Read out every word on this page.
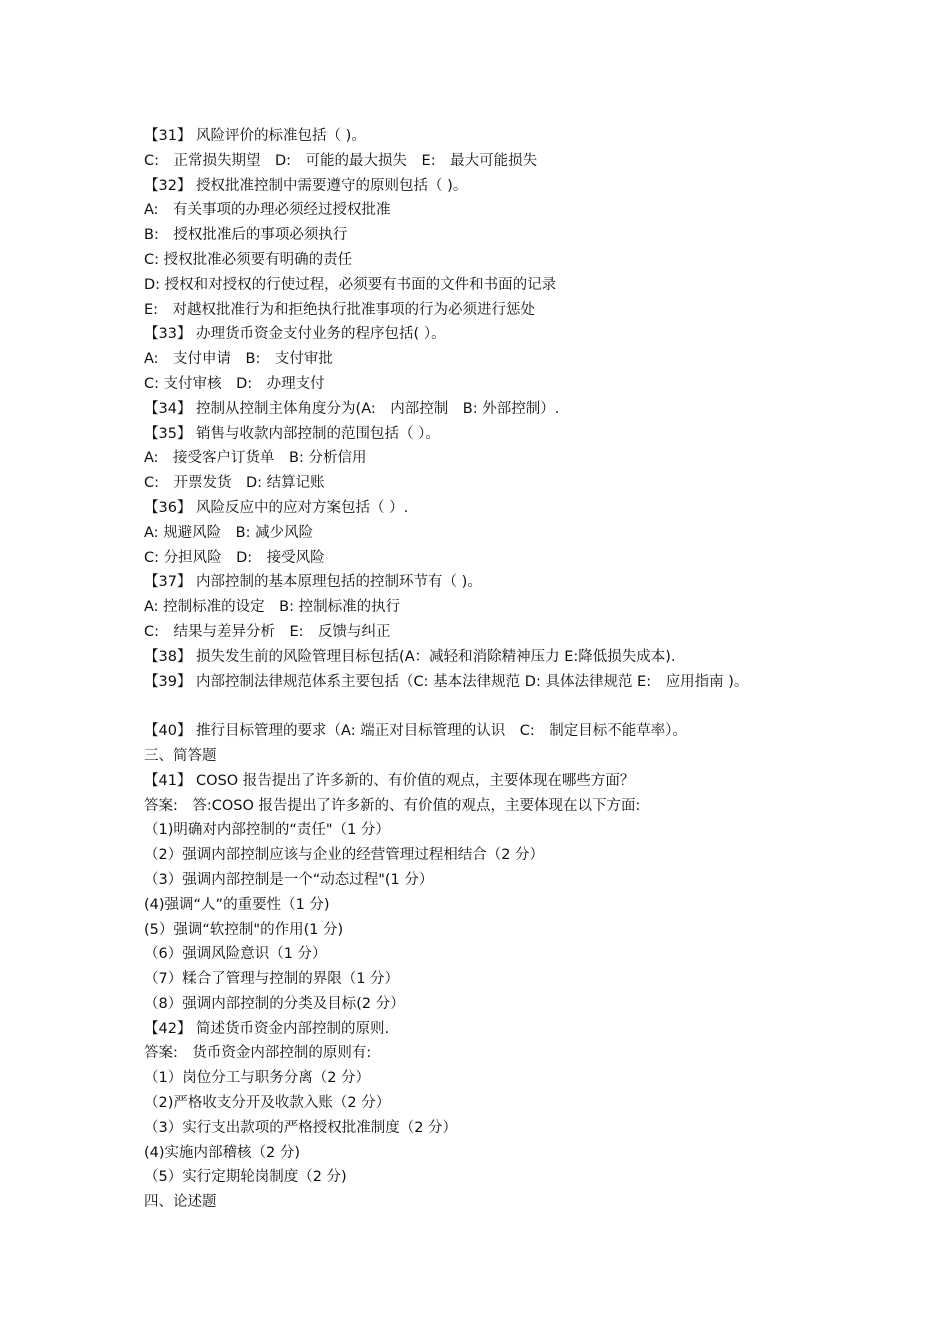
【31】 风险评价的标准包括（ )。
C:　正常损失期望　D:　可能的最大损失　E:　最大可能损失
【32】 授权批准控制中需要遵守的原则包括（ )。
A:　有关事项的办理必须经过授权批准
B:　授权批准后的事项必须执行
C: 授权批准必须要有明确的责任
D: 授权和对授权的行使过程，必须要有书面的文件和书面的记录
E:　对越权批准行为和拒绝执行批准事项的行为必须进行惩处
【33】 办理货币资金支付业务的程序包括( ）。
A:　支付申请　B:　支付审批
C: 支付审核　D:　办理支付
【34】 控制从控制主体角度分为(A:　内部控制　B: 外部控制）.
【35】 销售与收款内部控制的范围包括（ ）。
A:　接受客户订货单　B: 分析信用
C:　开票发货　D: 结算记账
【36】 风险反应中的应对方案包括（ ）.
A: 规避风险　B: 减少风险
C: 分担风险　D:　接受风险
【37】 内部控制的基本原理包括的控制环节有（ )。
A: 控制标准的设定　B: 控制标准的执行
C:　结果与差异分析　E:　反馈与纠正
【38】 损失发生前的风险管理目标包括(A：减轻和消除精神压力 E:降低损失成本).
【39】 内部控制法律规范体系主要包括（C: 基本法律规范 D: 具体法律规范 E:　应用指南 )。
【40】 推行目标管理的要求（A: 端正对目标管理的认识　C:　制定目标不能草率）。
三、简答题
【41】 COSO 报告提出了许多新的、有价值的观点，主要体现在哪些方面？
答案:　答:COSO 报告提出了许多新的、有价值的观点，主要体现在以下方面:
（1)明确对内部控制的“责任"（1 分）
（2）强调内部控制应该与企业的经营管理过程相结合（2 分）
（3）强调内部控制是一个“动态过程"(1 分）
(4)强调“人”的重要性（1 分)
(5）强调“软控制"的作用(1 分)
（6）强调风险意识（1 分）
（7）糅合了管理与控制的界限（1 分）
（8）强调内部控制的分类及目标(2 分）
【42】 简述货币资金内部控制的原则.
答案:　货币资金内部控制的原则有:
（1）岗位分工与职务分离（2 分）
（2)严格收支分开及收款入账（2 分）
（3）实行支出款项的严格授权批准制度（2 分）
(4)实施内部稽核（2 分)
（5）实行定期轮岗制度（2 分)
四、论述题
